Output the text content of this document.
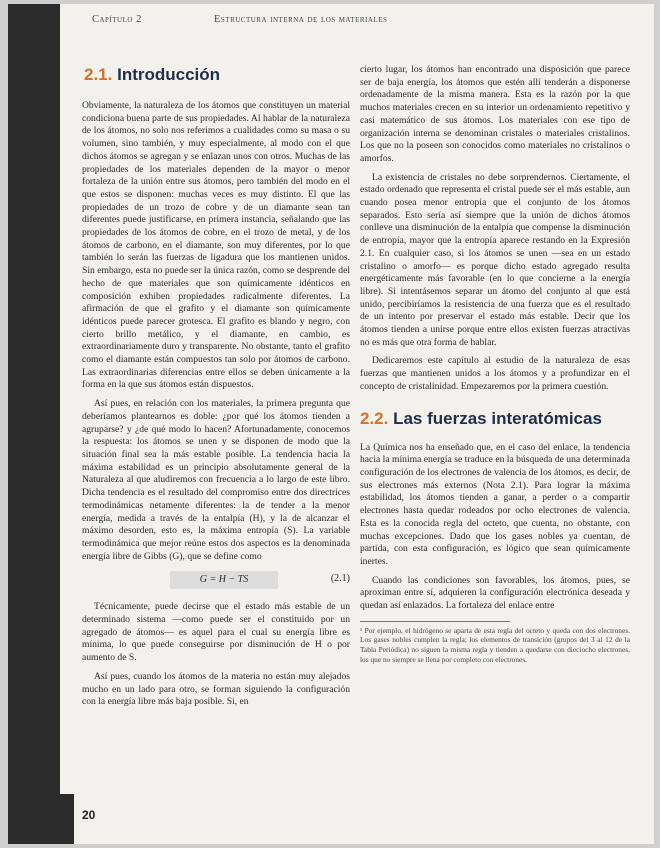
Capítulo 2	Estructura interna de los materiales
2.1. Introducción

Obviamente, la naturaleza de los átomos que constituyen un material condiciona buena parte de sus propiedades. Al hablar de la naturaleza de los átomos, no solo nos referimos a cualidades como su masa o su volumen, sino también, y muy especialmente, al modo con el que dichos átomos se agregan y se enlazan unos con otros. Muchas de las propiedades de los materiales dependen de la mayor o menor fortaleza de la unión entre sus átomos, pero también del modo en el que estos se disponen: muchas veces es muy distinto. El que las propiedades de un trozo de cobre y de un diamante sean tan diferentes puede justificarse, en primera instancia, señalando que las propiedades de los átomos de cobre, en el trozo de metal, y de los átomos de carbono, en el diamante, son muy diferentes, por lo que también lo serán las fuerzas de ligadura que los mantienen unidos. Sin embargo, esta no puede ser la única razón, como se desprende del hecho de que materiales que son químicamente idénticos en composición exhiben propiedades radicalmente diferentes. La afirmación de que el grafito y el diamante son químicamente idénticos puede parecer grotesca. El grafito es blando y negro, con cierto brillo metálico, y el diamante, en cambio, es extraordinariamente duro y transparente. No obstante, tanto el grafito como el diamante están compuestos tan solo por átomos de carbono. Las extraordinarias diferencias entre ellos se deben únicamente a la forma en la que sus átomos están dispuestos.

Así pues, en relación con los materiales, la primera pregunta que deberíamos plantearnos es doble: ¿por qué los átomos tienden a agruparse? y ¿de qué modo lo hacen? Afortunadamente, conocemos la respuesta: los átomos se unen y se disponen de modo que la situación final sea la más estable posible. La tendencia hacia la máxima estabilidad es un principio absolutamente general de la Naturaleza al que aludiremos con frecuencia a lo largo de este libro. Dicha tendencia es el resultado del compromiso entre dos directrices termodinámicas netamente diferentes: la de tender a la menor energía, medida a través de la entalpía (H), y la de alcanzar el máximo desorden, esto es, la máxima entropía (S). La variable termodinámica que mejor reúne estos dos aspectos es la denominada energía libre de Gibbs (G), que se define como

G = H − TS	(2.1)

Técnicamente, puede decirse que el estado más estable de un determinado sistema —como puede ser el constituido por un agregado de átomos— es aquel para el cual su energía libre es mínima, lo que puede conseguirse por disminución de H o por aumento de S.

Así pues, cuando los átomos de la materia no están muy alejados mucho en un lado para otro, se forman siguiendo la configuración con la energía libre más baja posible. Si, en

cierto lugar, los átomos han encontrado una disposición que parece ser de baja energía, los átomos que estén allí tenderán a disponerse ordenadamente de la misma manera. Esta es la razón por la que muchos materiales crecen en su interior un ordenamiento repetitivo y casi matemático de sus átomos. Los materiales con ese tipo de organización interna se denominan cristales o materiales cristalinos. Los que no la poseen son conocidos como materiales no cristalinos o amorfos.

La existencia de cristales no debe sorprendernos. Ciertamente, el estado ordenado que representa el cristal puede ser el más estable, aun cuando posea menor entropía que el conjunto de los átomos separados. Esto sería así siempre que la unión de dichos átomos conlleve una disminución de la entalpía que compense la disminución de entropía, mayor que la entropía aparece restando en la Expresión 2.1. En cualquier caso, si los átomos se unen —sea en un estado cristalino o amorfo— es porque dicho estado agregado resulta energéticamente más favorable (en lo que concierne a la energía libre). Si intentásemos separar un átomo del conjunto al que está unido, percibiríamos la resistencia de una fuerza que es el resultado de un intento por preservar el estado más estable. Decir que los átomos tienden a unirse porque entre ellos existen fuerzas atractivas no es más que otra forma de hablar.

Dedicaremos este capítulo al estudio de la naturaleza de esas fuerzas que mantienen unidos a los átomos y a profundizar en el concepto de cristalinidad. Empezaremos por la primera cuestión.

2.2. Las fuerzas interatómicas

La Química nos ha enseñado que, en el caso del enlace, la tendencia hacia la mínima energía se traduce en la búsqueda de una determinada configuración de los electrones de valencia de los átomos, es decir, de sus electrones más externos (Nota 2.1). Para lograr la máxima estabilidad, los átomos tienden a ganar, a perder o a compartir electrones hasta quedar rodeados por ocho electrones de valencia. Esta es la conocida regla del octeto, que cuenta, no obstante, con muchas excepciones. Dado que los gases nobles ya cuentan, de partida, con esta configuración, es lógico que sean químicamente inertes.

Cuando las condiciones son favorables, los átomos, pues, se aproximan entre sí, adquieren la configuración electrónica deseada y quedan así enlazados. La fortaleza del enlace entre

¹ Por ejemplo, el hidrógeno se aparta de esta regla del octeto y queda con dos electrones. Los gases nobles cumplen la regla; los elementos de transición (grupos del 3 al 12 de la Tabla Periódica) no siguen la misma regla y tienden a quedarse con dieciocho electrones, los que no siempre se llena por completo con electrones.

20
